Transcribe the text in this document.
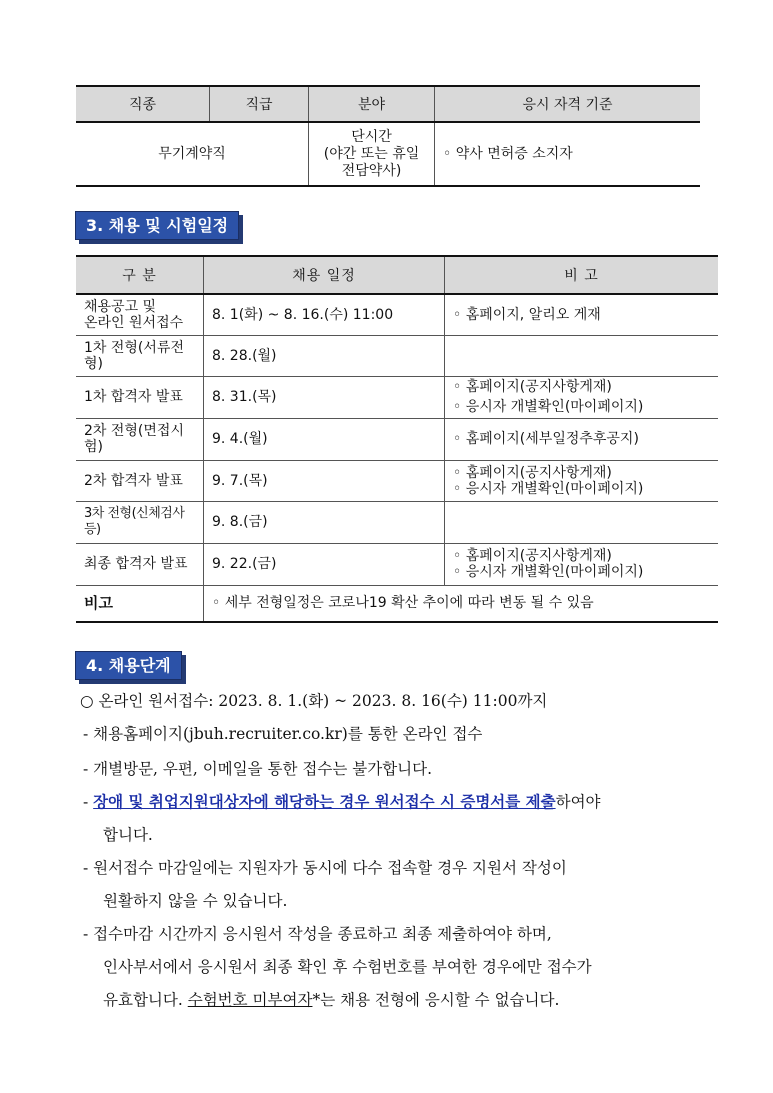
직종	직급	분야	응시 자격 기준
무기계약직		단시간
(야간 또는 휴일
전담약사)	◦ 약사 면허증 소지자
3. 채용 및 시험일정
구 분	채용 일정	비 고

채용공고 및
온라인 원서접수	8. 1(화) ~ 8. 16.(수) 11:00	◦ 홈페이지, 알리오 게재

1차 전형(서류전형)	8. 28.(월)	
1차 합격자 발표	8. 31.(목)	◦ 홈페이지(공지사항게재)
◦ 응시자 개별확인(마이페이지)

2차 전형(면접시험)	9. 4.(월)	◦ 홈페이지(세부일정추후공지)

2차 합격자 발표	9. 7.(목)	◦ 홈페이지(공지사항게재)
◦ 응시자 개별확인(마이페이지)

3차 전형(신체검사 등)	9. 8.(금)	
최종 합격자 발표	9. 22.(금)	◦ 홈페이지(공지사항게재)
◦ 응시자 개별확인(마이페이지)

비고	◦ 세부 전형일정은 코로나19 확산 추이에 따라 변동 될 수 있음	
4. 채용단계
○ 온라인 원서접수: 2023. 8. 1.(화) ~ 2023. 8. 16(수) 11:00까지
- 채용홈페이지(jbuh.recruiter.co.kr)를 통한 온라인 접수
- 개별방문, 우편, 이메일을 통한 접수는 불가합니다.
- 장애 및 취업지원대상자에 해당하는 경우 원서접수 시 증명서를 제출하여야
합니다.
- 원서접수 마감일에는 지원자가 동시에 다수 접속할 경우 지원서 작성이
원활하지 않을 수 있습니다.
- 접수마감 시간까지 응시원서 작성을 종료하고 최종 제출하여야 하며,
인사부서에서 응시원서 최종 확인 후 수험번호를 부여한 경우에만 접수가
유효합니다. 수험번호 미부여자*는 채용 전형에 응시할 수 없습니다.
